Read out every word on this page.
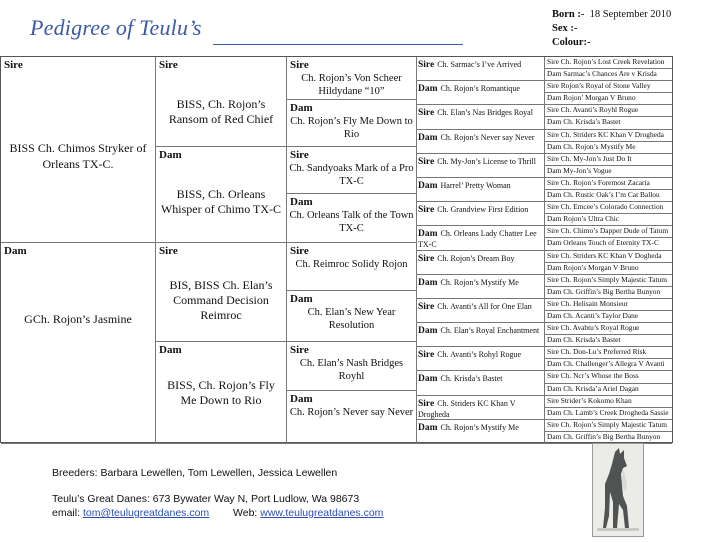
Pedigree of Teulu’s
Born :- 18 September 2010
Sex :-
Colour:-
Sire
BISS Ch. Chimos Stryker of Orleans TX-C.
Dam
GCh. Rojon’s Jasmine
Sire
BISS, Ch. Rojon’s Ransom of Red Chief
Dam
BISS, Ch. Orleans Whisper of Chimo TX-C
Sire
BIS, BISS Ch. Elan’s Command Decision Reimroc
Dam
BISS, Ch. Rojon’s Fly Me Down to Rio
Sire
Ch. Rojon’s Von Scheer Hildydane “10”
Dam
Ch. Rojon’s Fly Me Down to Rio
Sire
Ch. Sandyoaks Mark of a Pro TX-C
Dam
Ch. Orleans Talk of the Town TX-C
Sire
Ch. Reimroc Solidy Rojon
Dam
Ch. Elan’s New Year Resolution
Sire
Ch. Elan’s Nash Bridges Royhl
Dam
Ch. Rojon’s Never say Never
Sire Ch. Sarmac’s I’ve Arrived
Dam Ch. Rojon’s Romantique
Sire Ch. Elan’s Nas Bridges Royal
Dam Ch. Rojon’s Never say Never
Sire Ch. My-Jon’s License to Thrill
Dam Harrel’ Pretty Woman
Sire Ch. Grandview First Edition
Dam Ch. Orleans Lady Chatter Lee TX-C
Sire Ch. Rojon’s Dream Boy
Dam Ch. Rojon’s Mystify Me
Sire Ch. Avanti’s All for One Elan
Dam Ch. Elan’s Royal Enchantment
Sire Ch. Avanti’s Rohyl Rogue
Dam Ch. Krisda’s Bastet
Sire Ch. Striders KC Khan V Drogheda
Dam Ch. Rojon’s Mystify Me
Sire Ch. Rojon’s Lost Creek Revelation
Dam Sarmac’s Chances Are v Krisda
Sire Rojon’s Royal of Stone Valley
Dam Rojon’ Morgan V Bruno
Sire Ch. Avanti’s Royhl Rogue
Dam Ch. Krisda’s Bastet
Sire Ch. Striders KC Khan V Drogheda
Dam Ch. Rojon’s Mystify Me
Sire Ch. My-Jon’s Just Do It
Dam My-Jon’s Vogue
Sire Ch. Rojon’s Foremost Zacaria
Dam Ch. Rustic Oak’s I’m Cat Ballou
Sire Ch. Emcee’s Colorado Connection
Dam Rojon’s Ultra Chic
Sire Ch. Chimo’s Dapper Dude of Tatum
Dam Orleans Touch of Eternity TX-C
Sire Ch. Striders KC Khan V Dogheda
Dam Rojon’s Morgan V Bruno
Sire Ch. Rojon’s Simply Majestic Tatum
Dam Ch. Griffin’s Big Bertha Bunyon
Sire Ch. Helisain Monsieur
Dam Ch. Acanti’s Taylor Dane
Sire Ch. Avabtu’s Royal Rogue
Dam Ch. Krisda’s Bastet
Sire Ch. Don-Lu’s Preferred Risk
Dam Ch. Challenger’s Allegra V Avanti
Sire Ch. Ncr’s Whose the Boss
Dam Ch. Krisda’a Ariel Dagan
Sire Strider’s Kokomo Khan
Dam Ch. Lamb’s Creek Drogheda Sassie
Sire Ch. Rojon’s Simply Majestic Tatum
Dam Ch. Griffin’s Big Bertha Bunyon
Breeders: Barbara Lewellen, Tom Lewellen, Jessica Lewellen
Teulu’s Great Danes: 673 Bywater Way N, Port Ludlow, Wa 98673
email: tom@teulugreatdanes.com Web: www.teulugreatdanes.com
